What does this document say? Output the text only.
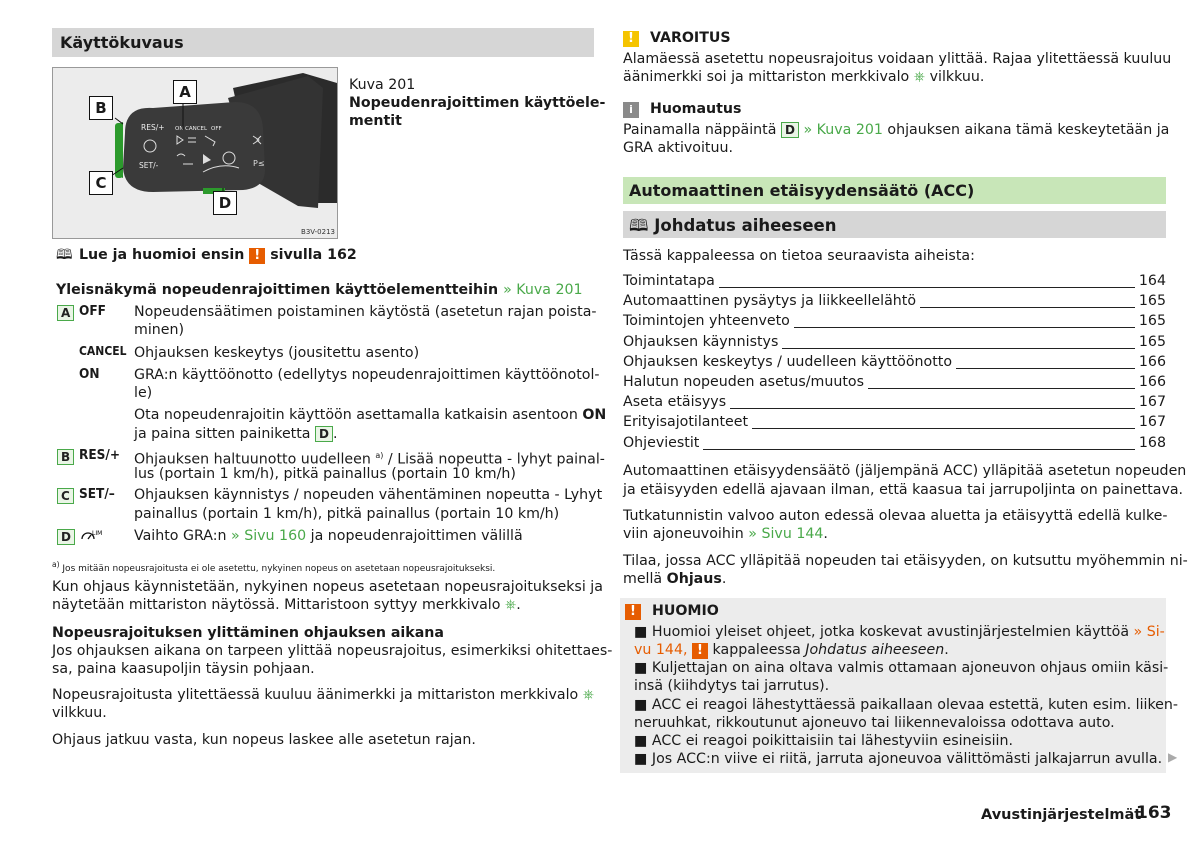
Käyttökuvaus
RES/+ ON CANCEL OFF
SET/-	P≤
A
B
C
D
B3V-0213
Kuva 201
Nopeudenrajoittimen käyttöele-
mentit
🕮 Lue ja huomioi ensin ! sivulla 162
Yleisnäkymä nopeudenrajoittimen käyttöelementteihin » Kuva 201
A OFF Nopeudensäätimen poistaminen käytöstä (asetetun rajan poista-
minen)
CANCEL Ohjauksen keskeytys (jousitettu asento)
ON GRA:n käyttöönotto (edellytys nopeudenrajoittimen käyttöönotol-
le)
Ota nopeudenrajoitin käyttöön asettamalla katkaisin asentoon ON
ja paina sitten painiketta D .
B RES/+ Ohjauksen haltuunotto uudelleen $^{a)}$ / Lisää nopeutta - lyhyt painal-
lus (portain 1 km/h), pitkä painallus (portain 10 km/h)
C SET/– Ohjauksen käynnistys / nopeuden vähentäminen nopeutta - Lyhyt
painallus (portain 1 km/h), pitkä painallus (portain 10 km/h)
D	LIM Vaihto GRA:n » Sivu 160 ja nopeudenrajoittimen välillä
$^{a)}$ Jos mitään nopeusrajoitusta ei ole asetettu, nykyinen nopeus on asetetaan nopeusrajoitukseksi.
Kun ohjaus käynnistetään, nykyinen nopeus asetetaan nopeusrajoitukseksi ja
näytetään mittariston näytössä. Mittaristoon syttyy merkkivalo ⎈.
Nopeusrajoituksen ylittäminen ohjauksen aikana
Jos ohjauksen aikana on tarpeen ylittää nopeusrajoitus, esimerkiksi ohitettaes-
sa, paina kaasupoljin täysin pohjaan.
Nopeusrajoitusta ylitettäessä kuuluu äänimerkki ja mittariston merkkivalo ⎈
vilkkuu.
Ohjaus jatkuu vasta, kun nopeus laskee alle asetetun rajan.
! VAROITUS
Alamäessä asetettu nopeusrajoitus voidaan ylittää. Rajaa ylitettäessä kuuluu
äänimerkki soi ja mittariston merkkivalo ⎈ vilkkuu.
i Huomautus
Painamalla näppäintä D » Kuva 201 ohjauksen aikana tämä keskeytetään ja
GRA aktivoituu.
Automaattinen etäisyydensäätö (ACC)
🕮 Johdatus aiheeseen
Tässä kappaleessa on tietoa seuraavista aiheista:
Toimintatapa	164
Automaattinen pysäytys ja liikkeellelähtö	165
Toimintojen yhteenveto	165
Ohjauksen käynnistys	165
Ohjauksen keskeytys / uudelleen käyttöönotto	166
Halutun nopeuden asetus/muutos	166
Aseta etäisyys	167
Erityisajotilanteet	167
Ohjeviestit	168
Automaattinen etäisyydensäätö (jäljempänä ACC) ylläpitää asetetun nopeuden
ja etäisyyden edellä ajavaan ilman, että kaasua tai jarrupoljinta on painettava.
Tutkatunnistin valvoo auton edessä olevaa aluetta ja etäisyyttä edellä kulke-
viin ajoneuvoihin » Sivu 144.
Tilaa, jossa ACC ylläpitää nopeuden tai etäisyyden, on kutsuttu myöhemmin ni-
mellä Ohjaus.
! HUOMIO
■ Huomioi yleiset ohjeet, jotka koskevat avustinjärjestelmien käyttöä » Si-
vu 144, ! kappaleessa Johdatus aiheeseen.
■ Kuljettajan on aina oltava valmis ottamaan ajoneuvon ohjaus omiin käsi-
insä (kiihdytys tai jarrutus).
■ ACC ei reagoi lähestyttäessä paikallaan olevaa estettä, kuten esim. liiken-
neruuhkat, rikkoutunut ajoneuvo tai liikennevaloissa odottava auto.
■ ACC ei reagoi poikittaisiin tai lähestyviin esineisiin.
■ Jos ACC:n viive ei riitä, jarruta ajoneuvoa välittömästi jalkajarrun avulla. ▶
Avustinjärjestelmät
163
